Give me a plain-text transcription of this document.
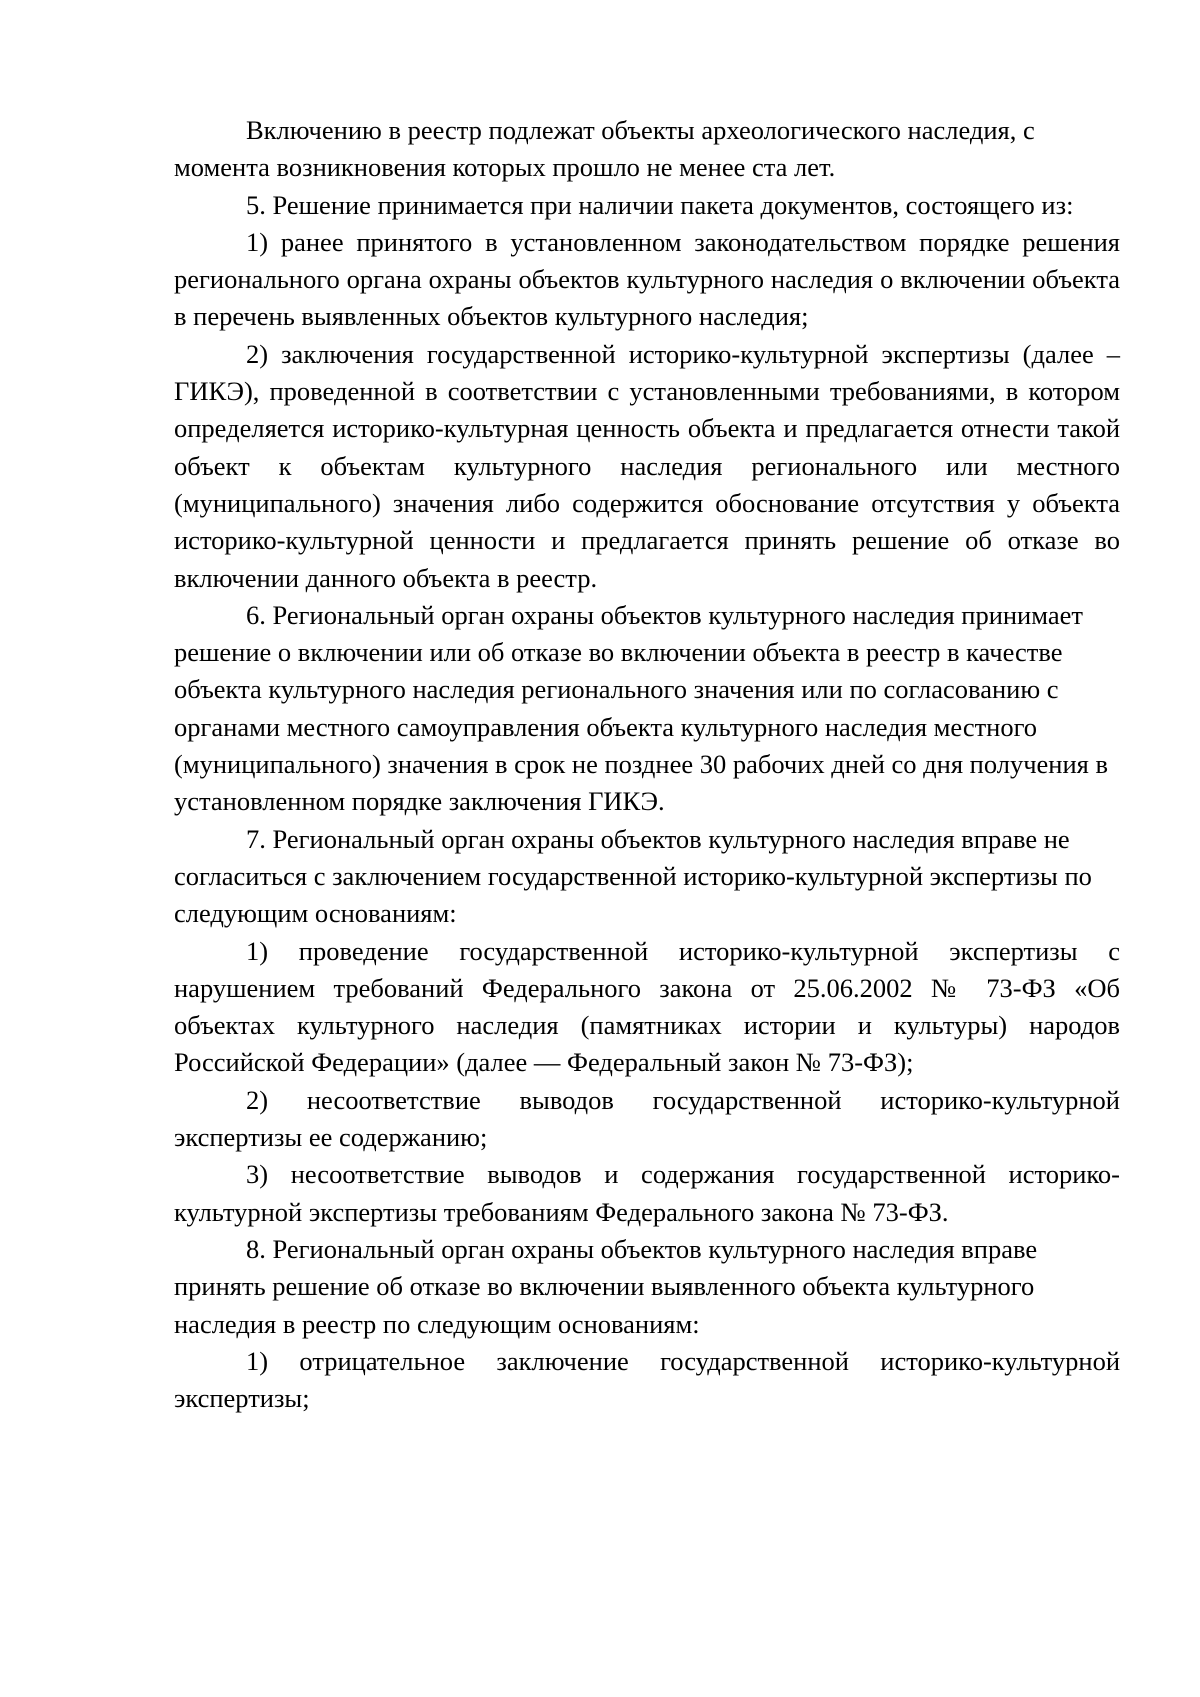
Включению в реестр подлежат объекты археологического наследия, с момента возникновения которых прошло не менее ста лет.

5. Решение принимается при наличии пакета документов, состоящего из:

1) ранее принятого в установленном законодательством порядке решения регионального органа охраны объектов культурного наследия о включении объекта в перечень выявленных объектов культурного наследия;

2) заключения государственной историко-культурной экспертизы (далее – ГИКЭ), проведенной в соответствии с установленными требованиями, в котором определяется историко-культурная ценность объекта и предлагается отнести такой объект к объектам культурного наследия регионального или местного (муниципального) значения либо содержится обоснование отсутствия у объекта историко-культурной ценности и предлагается принять решение об отказе во включении данного объекта в реестр.

6. Региональный орган охраны объектов культурного наследия принимает решение о включении или об отказе во включении объекта в реестр в качестве объекта культурного наследия регионального значения или по согласованию с органами местного самоуправления объекта культурного наследия местного (муниципального) значения в срок не позднее 30 рабочих дней со дня получения в установленном порядке заключения ГИКЭ.

7. Региональный орган охраны объектов культурного наследия вправе не согласиться с заключением государственной историко-культурной экспертизы по следующим основаниям:

1) проведение государственной историко-культурной экспертизы с нарушением требований Федерального закона от 25.06.2002 № 73-ФЗ «Об объектах культурного наследия (памятниках истории и культуры) народов Российской Федерации» (далее — Федеральный закон № 73-ФЗ);

2) несоответствие выводов государственной историко-культурной экспертизы ее содержанию;

3) несоответствие выводов и содержания государственной историко-культурной экспертизы требованиям Федерального закона № 73-ФЗ.

8. Региональный орган охраны объектов культурного наследия вправе принять решение об отказе во включении выявленного объекта культурного наследия в реестр по следующим основаниям:

1) отрицательное заключение государственной историко-культурной экспертизы;
